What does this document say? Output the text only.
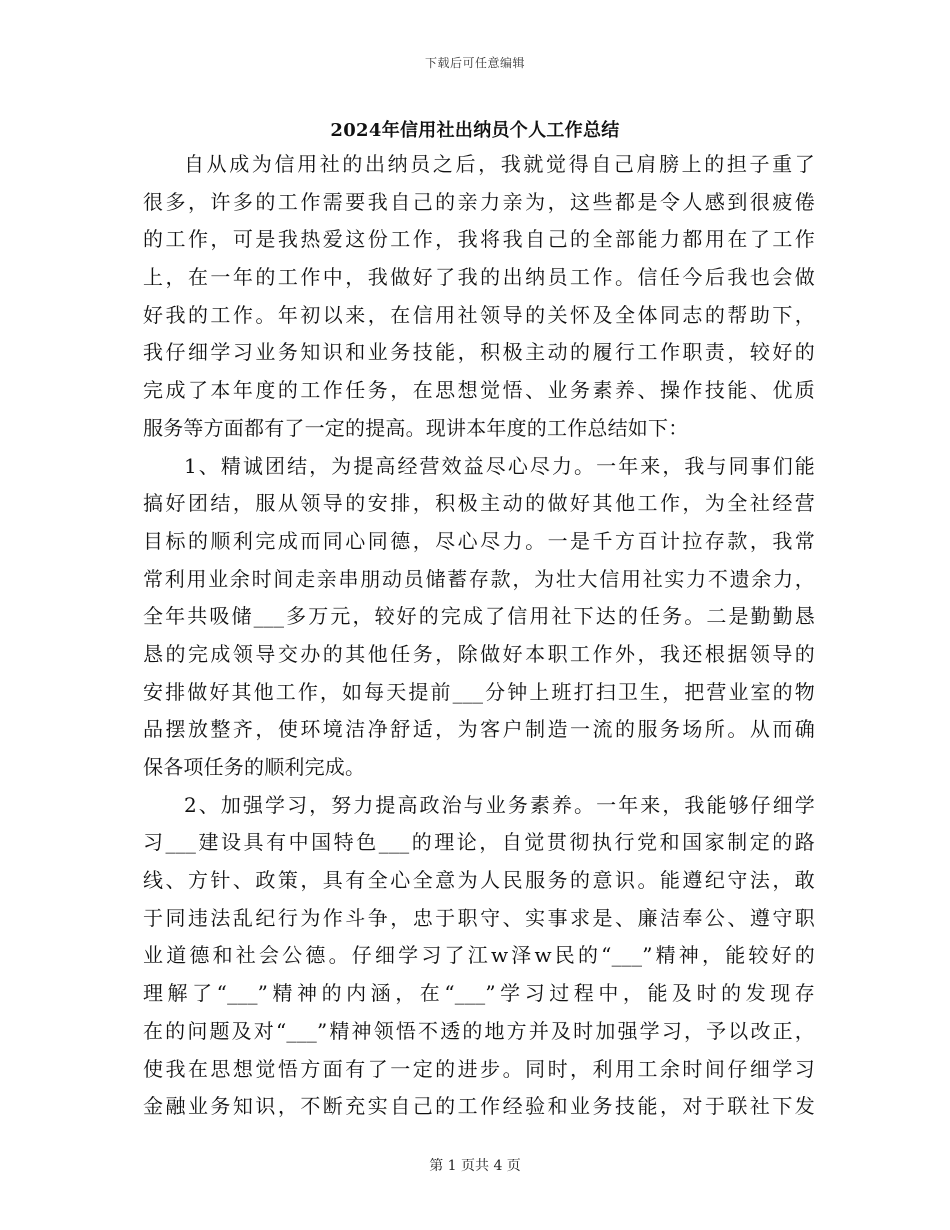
下载后可任意编辑
2024年信用社出纳员个人工作总结
自从成为信用社的出纳员之后，我就觉得自己肩膀上的担子重了
很多，许多的工作需要我自己的亲力亲为，这些都是令人感到很疲倦
的工作，可是我热爱这份工作，我将我自己的全部能力都用在了工作
上，在一年的工作中，我做好了我的出纳员工作。信任今后我也会做
好我的工作。年初以来，在信用社领导的关怀及全体同志的帮助下，
我仔细学习业务知识和业务技能，积极主动的履行工作职责，较好的
完成了本年度的工作任务，在思想觉悟、业务素养、操作技能、优质
服务等方面都有了一定的提高。现讲本年度的工作总结如下：
1、精诚团结，为提高经营效益尽心尽力。一年来，我与同事们能
搞好团结，服从领导的安排，积极主动的做好其他工作，为全社经营
目标的顺利完成而同心同德，尽心尽力。一是千方百计拉存款，我常
常利用业余时间走亲串朋动员储蓄存款，为壮大信用社实力不遗余力，
全年共吸储___多万元，较好的完成了信用社下达的任务。二是勤勤恳
恳的完成领导交办的其他任务，除做好本职工作外，我还根据领导的
安排做好其他工作，如每天提前___分钟上班打扫卫生，把营业室的物
品摆放整齐，使环境洁净舒适，为客户制造一流的服务场所。从而确
保各项任务的顺利完成。
2、加强学习，努力提高政治与业务素养。一年来，我能够仔细学
习___建设具有中国特色___的理论，自觉贯彻执行党和国家制定的路
线、方针、政策，具有全心全意为人民服务的意识。能遵纪守法，敢
于同违法乱纪行为作斗争，忠于职守、实事求是、廉洁奉公、遵守职
业道德和社会公德。仔细学习了江w泽w民的“___”精神，能较好的
理解了“___”精神的内涵，在“___”学习过程中，能及时的发现存
在的问题及对“___”精神领悟不透的地方并及时加强学习，予以改正，
使我在思想觉悟方面有了一定的进步。同时，利用工余时间仔细学习
金融业务知识，不断充实自己的工作经验和业务技能，对于联社下发
第 1 页共 4 页
